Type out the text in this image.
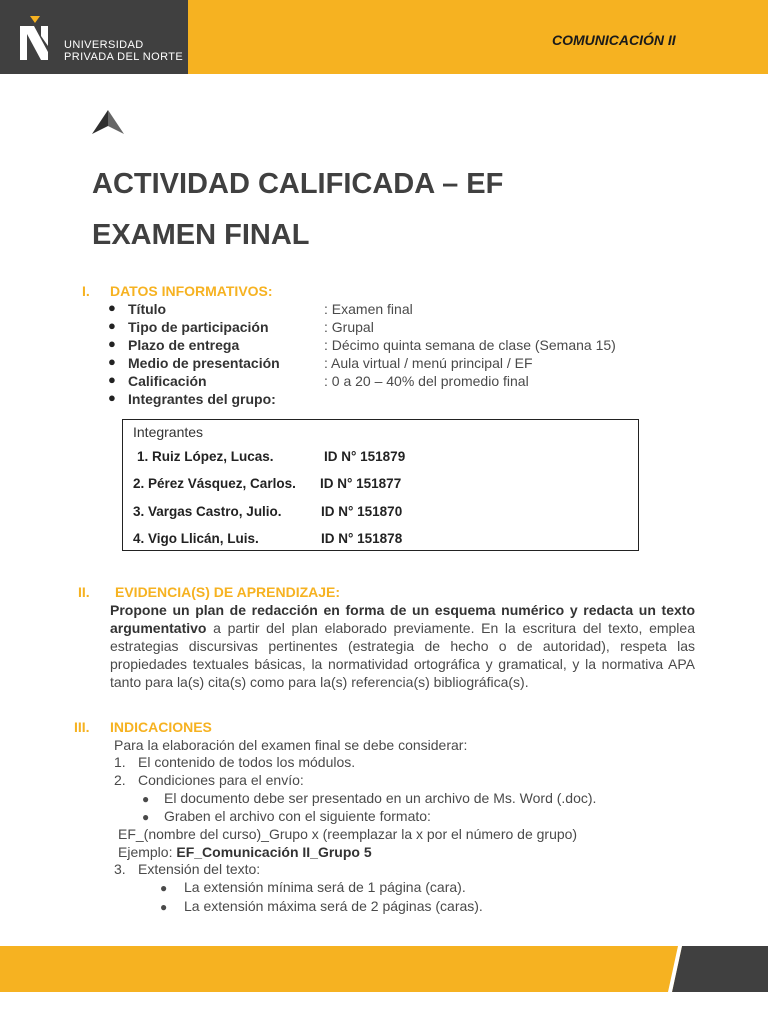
UNIVERSIDAD
PRIVADA DEL NORTE
COMUNICACIÓN II
ACTIVIDAD CALIFICADA – EF
EXAMEN FINAL
I. DATOS INFORMATIVOS:
● Título	: Examen final
● Tipo de participación	: Grupal
● Plazo de entrega	: Décimo quinta semana de clase (Semana 15)
● Medio de presentación	: Aula virtual / menú principal / EF
● Calificación	: 0 a 20 – 40% del promedio final
● Integrantes del grupo:
Integrantes
1. Ruiz López, Lucas.	ID N° 151879
2. Pérez Vásquez, Carlos. ID N° 151877
3. Vargas Castro, Julio.	ID N° 151870
4. Vigo Llicán, Luis.	ID N° 151878
II. EVIDENCIA(S) DE APRENDIZAJE:
Propone un plan de redacción en forma de un esquema numérico y redacta un texto argumentativo a partir del plan elaborado previamente. En la escritura del texto, emplea estrategias discursivas pertinentes (estrategia de hecho o de autoridad), respeta las propiedades textuales básicas, la normatividad ortográfica y gramatical, y la normativa APA tanto para la(s) cita(s) como para la(s) referencia(s) bibliográfica(s).
III. INDICACIONES
Para la elaboración del examen final se debe considerar:
1. El contenido de todos los módulos.
2. Condiciones para el envío:
● El documento debe ser presentado en un archivo de Ms. Word (.doc).
● Graben el archivo con el siguiente formato:
EF_(nombre del curso)_Grupo x (reemplazar la x por el número de grupo)
Ejemplo: EF_Comunicación II_Grupo 5
3. Extensión del texto:
● La extensión mínima será de 1 página (cara).
● La extensión máxima será de 2 páginas (caras).
